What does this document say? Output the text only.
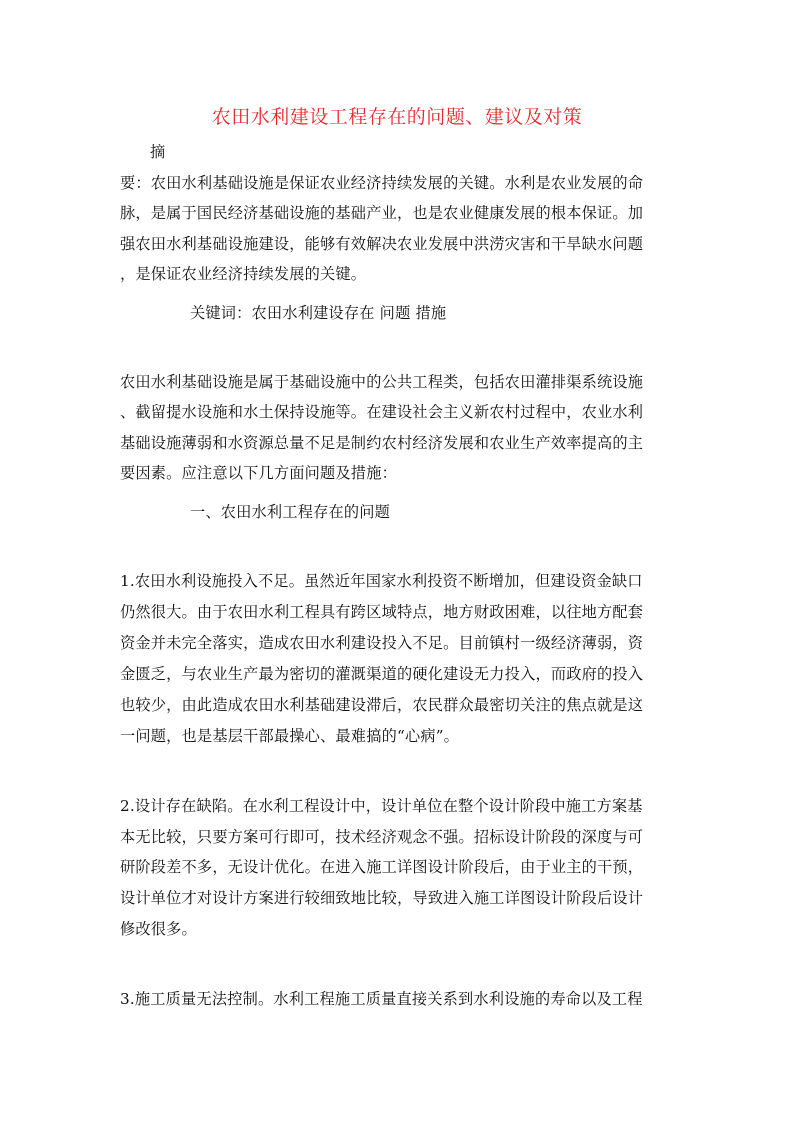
农田水利建设工程存在的问题、建议及对策
摘
要：农田水利基础设施是保证农业经济持续发展的关键。水利是农业发展的命
脉，是属于国民经济基础设施的基础产业，也是农业健康发展的根本保证。加
强农田水利基础设施建设，能够有效解决农业发展中洪涝灾害和干旱缺水问题
，是保证农业经济持续发展的关键。
关键词：农田水利建设存在 问题 措施
农田水利基础设施是属于基础设施中的公共工程类，包括农田灌排渠系统设施
、截留提水设施和水土保持设施等。在建设社会主义新农村过程中，农业水利
基础设施薄弱和水资源总量不足是制约农村经济发展和农业生产效率提高的主
要因素。应注意以下几方面问题及措施：
一、农田水利工程存在的问题
1.农田水利设施投入不足。虽然近年国家水利投资不断增加，但建设资金缺口
仍然很大。由于农田水利工程具有跨区域特点，地方财政困难，以往地方配套
资金并未完全落实，造成农田水利建设投入不足。目前镇村一级经济薄弱，资
金匮乏，与农业生产最为密切的灌溉渠道的硬化建设无力投入，而政府的投入
也较少，由此造成农田水利基础建设滞后，农民群众最密切关注的焦点就是这
一问题，也是基层干部最操心、最难搞的“心病”。
2.设计存在缺陷。在水利工程设计中，设计单位在整个设计阶段中施工方案基
本无比较，只要方案可行即可，技术经济观念不强。招标设计阶段的深度与可
研阶段差不多，无设计优化。在进入施工详图设计阶段后，由于业主的干预，
设计单位才对设计方案进行较细致地比较，导致进入施工详图设计阶段后设计
修改很多。
3.施工质量无法控制。水利工程施工质量直接关系到水利设施的寿命以及工程
